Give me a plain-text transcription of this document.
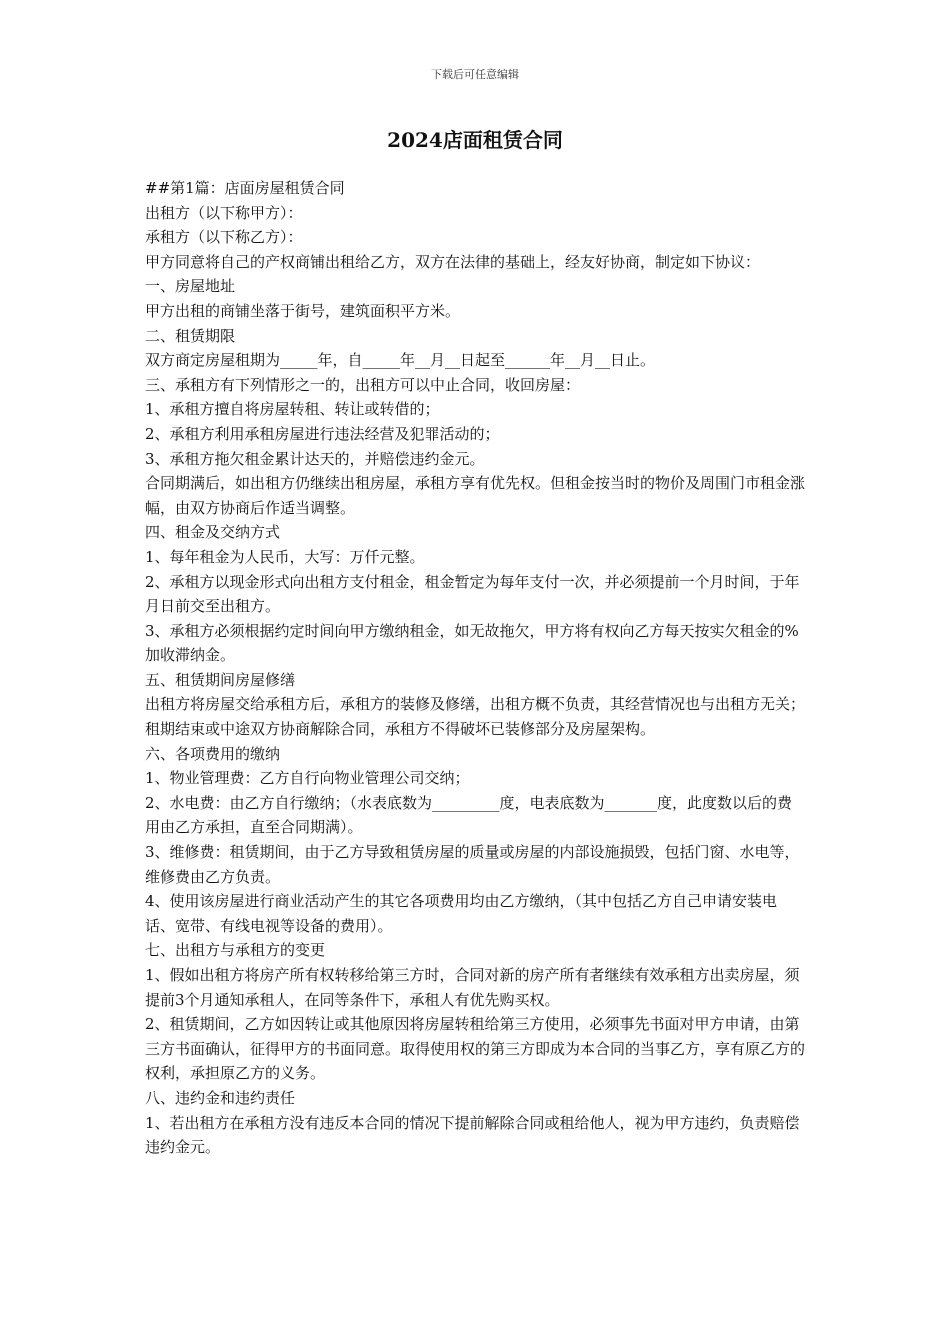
下载后可任意编辑
2024店面租赁合同

##第1篇：店面房屋租赁合同

出租方（以下称甲方）：

承租方（以下称乙方）：

甲方同意将自己的产权商铺出租给乙方，双方在法律的基础上，经友好协商，制定如下协议：

一、房屋地址

甲方出租的商铺坐落于街号，建筑面积平方米。

二、租赁期限

双方商定房屋租期为_____年，自_____年__月__日起至______年__月__日止。

三、承租方有下列情形之一的，出租方可以中止合同，收回房屋：

1、承租方擅自将房屋转租、转让或转借的；

2、承租方利用承租房屋进行违法经营及犯罪活动的；

3、承租方拖欠租金累计达天的，并赔偿违约金元。

合同期满后，如出租方仍继续出租房屋，承租方享有优先权。但租金按当时的物价及周围门市租金涨幅，由双方协商后作适当调整。

四、租金及交纳方式

1、每年租金为人民币，大写：万仟元整。

2、承租方以现金形式向出租方支付租金，租金暂定为每年支付一次，并必须提前一个月时间，于年月日前交至出租方。

3、承租方必须根据约定时间向甲方缴纳租金，如无故拖欠，甲方将有权向乙方每天按实欠租金的%加收滞纳金。

五、租赁期间房屋修缮

出租方将房屋交给承租方后，承租方的装修及修缮，出租方概不负责，其经营情况也与出租方无关；租期结束或中途双方协商解除合同，承租方不得破坏已装修部分及房屋架构。

六、各项费用的缴纳

1、物业管理费：乙方自行向物业管理公司交纳；

2、水电费：由乙方自行缴纳；（水表底数为_________度，电表底数为_______度，此度数以后的费用由乙方承担，直至合同期满）。

3、维修费：租赁期间，由于乙方导致租赁房屋的质量或房屋的内部设施损毁，包括门窗、水电等，维修费由乙方负责。

4、使用该房屋进行商业活动产生的其它各项费用均由乙方缴纳，（其中包括乙方自己申请安装电话、宽带、有线电视等设备的费用）。

七、出租方与承租方的变更

1、假如出租方将房产所有权转移给第三方时，合同对新的房产所有者继续有效承租方出卖房屋，须提前3个月通知承租人，在同等条件下，承租人有优先购买权。

2、租赁期间，乙方如因转让或其他原因将房屋转租给第三方使用，必须事先书面对甲方申请，由第三方书面确认，征得甲方的书面同意。取得使用权的第三方即成为本合同的当事乙方，享有原乙方的权利，承担原乙方的义务。

八、违约金和违约责任

1、若出租方在承租方没有违反本合同的情况下提前解除合同或租给他人，视为甲方违约，负责赔偿违约金元。
